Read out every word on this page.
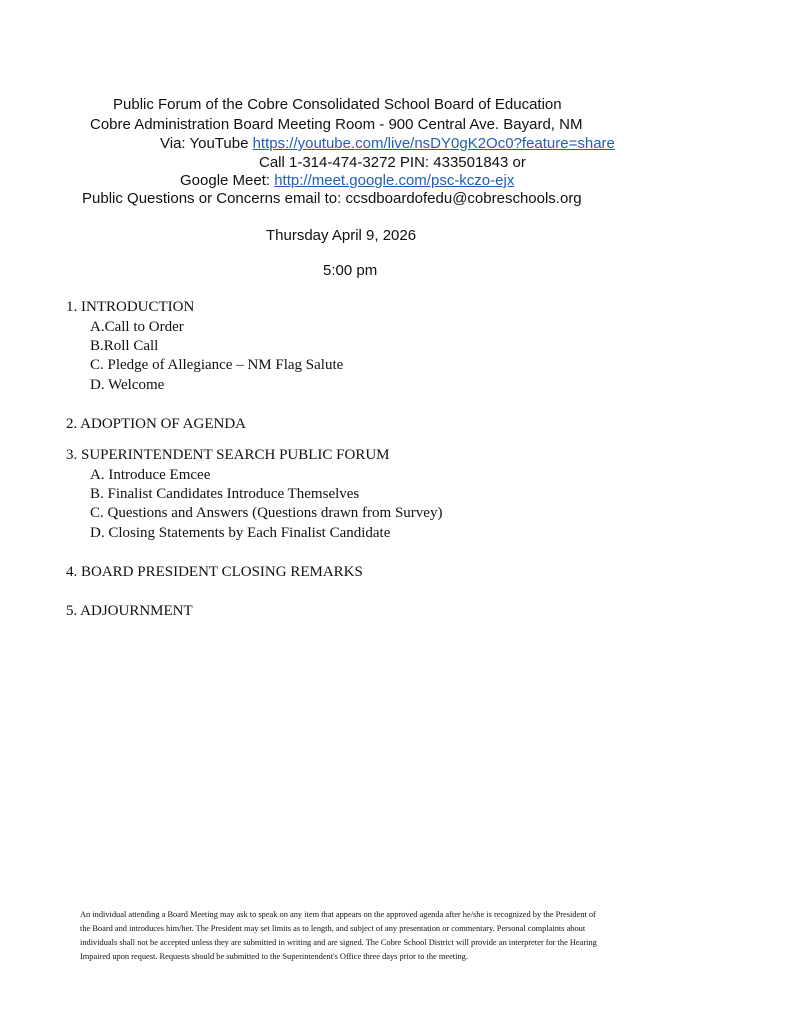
Public Forum of the Cobre Consolidated School Board of Education
Cobre Administration Board Meeting Room - 900 Central Ave. Bayard, NM
Via: YouTube https://youtube.com/live/nsDY0gK2Oc0?feature=share
Call 1-314-474-3272 PIN: 433501843 or
Google Meet: http://meet.google.com/psc-kczo-ejx
Public Questions or Concerns email to: ccsdboardofedu@cobreschools.org
Thursday April 9, 2026
5:00 pm
1. INTRODUCTION
A.Call to Order
B.Roll Call
C. Pledge of Allegiance – NM Flag Salute
D. Welcome
2. ADOPTION OF AGENDA
3. SUPERINTENDENT SEARCH PUBLIC FORUM
A. Introduce Emcee
B. Finalist Candidates Introduce Themselves
C. Questions and Answers (Questions drawn from Survey)
D. Closing Statements by Each Finalist Candidate
4. BOARD PRESIDENT CLOSING REMARKS
5. ADJOURNMENT
An individual attending a Board Meeting may ask to speak on any item that appears on the approved agenda after he/she is recognized by the President of
the Board and introduces him/her. The President may set limits as to length, and subject of any presentation or commentary. Personal complaints about
individuals shall not be accepted unless they are submitted in writing and are signed. The Cobre School District will provide an interpreter for the Hearing
Impaired upon request. Requests should be submitted to the Superintendent's Office three days prior to the meeting.
